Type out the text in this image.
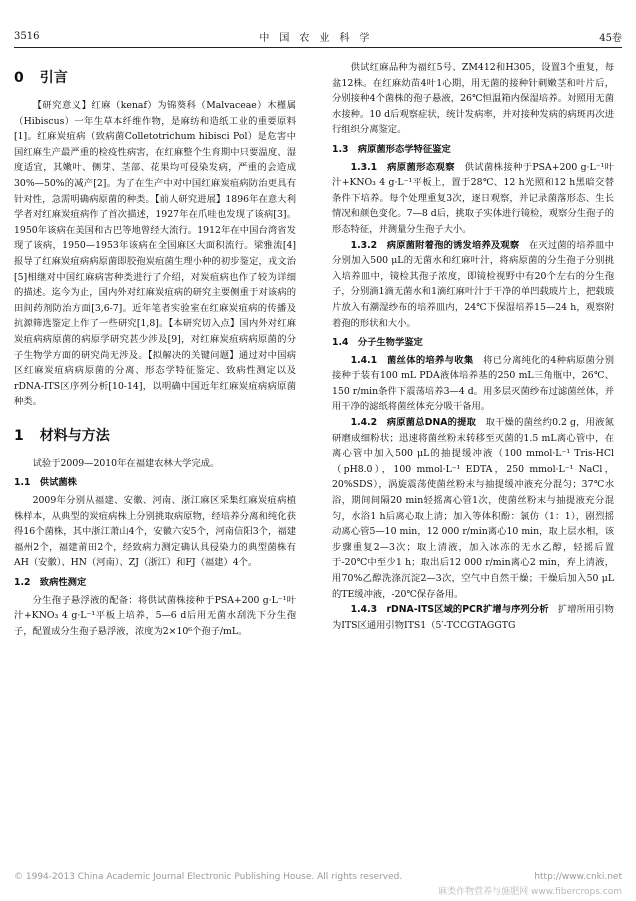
3516	中国农业科学	45卷
0 引言

【研究意义】红麻（kenaf）为锦葵科（Malvaceae）木槿属（Hibiscus）一年生草本纤维作物，是麻纺和造纸工业的重要原料[1]。红麻炭疽病（致病菌Colletotrichum hibisci Pol）是危害中国红麻生产最严重的检疫性病害，在红麻整个生育期中只要温度、湿度适宜，其嫩叶、侧芽、茎部、花果均可侵染发病，严重的会造成30%—50%的减产[2]。为了在生产中对中国红麻炭疽病防治更具有针对性，急需明确病原菌的种类。【前人研究进展】1896年在意大利学者对红麻炭疽病作了首次描述，1927年在爪哇也发现了该病[3]。1950年该病在美国和古巴等地曾经大流行。1912年在中国台湾省发现了该病，1950—1953年该病在全国麻区大面积流行。梁雅流[4]报导了红麻炭疽病病原菌即胶孢炭疽菌生理小种的初步鉴定，戎文治[5]相继对中国红麻病害种类进行了介绍，对炭疽病也作了较为详细的描述。迄今为止，国内外对红麻炭疽病的研究主要侧重于对该病的田间药剂防治方面[3,6-7]。近年笔者实验室在红麻炭疽病的传播及抗源筛选鉴定上作了一些研究[1,8]。【本研究切入点】国内外对红麻炭疽病病原菌的病原学研究甚少涉及[9]，对红麻炭疽病病原菌的分子生物学方面的研究尚无涉及。【拟解决的关键问题】通过对中国病区红麻炭疽病病原菌的分离、形态学特征鉴定、致病性测定以及rDNA-ITS区序列分析[10-14]，以明确中国近年红麻炭疽病病原菌种类。

1 材料与方法

试验于2009—2010年在福建农林大学完成。

1.1　供试菌株

2009年分别从福建、安徽、河南、浙江麻区采集红麻炭疽病植株样本，从典型的炭疽病株上分别挑取病原物，经培养分离和纯化获得16个菌株，其中浙江萧山4个，安徽六安5个，河南信阳3个，福建福州2个，福建莆田2个，经致病力测定确认具侵染力的典型菌株有AH（安徽）、HN（河南）、ZJ（浙江）和FJ（福建）4个。

1.2　致病性测定

分生孢子悬浮液的配备：将供试菌株接种于PSA+200 g·L⁻¹叶汁+KNO₃ 4 g·L⁻¹平板上培养，5—6 d后用无菌水刮洗下分生孢子，配置成分生孢子悬浮液，浓度为2×10⁶个孢子/mL。

供试红麻品种为福红5号、ZM412和H305，设置3个重复，每盆12株。在红麻幼苗4叶1心期，用无菌的接种针刺嫩茎和叶片后，分别接种4个菌株的孢子悬液，26℃恒温箱内保湿培养。対照用无菌水接种。10 d后观察症状，统计发病率，并对接种发病的病斑再次进行组织分离鉴定。

1.3　病原菌形态学特征鉴定

1.3.1　病原菌形态观察　 供试菌株接种于PSA+200 g·L⁻¹叶汁+KNO₃ 4 g·L⁻¹平板上，置于28℃、12 h光照和12 h黑暗交替条件下培养。每个处理重复3次，逐日观察，并记录菌落形态、生长情况和颜色变化。7—8 d后，挑取子实体进行镜检，观察分生孢子的形态特征，并测量分生孢子大小。

1.3.2　病原菌附着孢的诱发培养及观察　 在灭过菌的培养皿中分别加入500 μL的无菌水和红麻叶汁，将病原菌的分生孢子分别挑入培养皿中，镜检其孢子浓度，即镜检视野中有20个左右的分生孢子，分别滴1滴无菌水和1滴红麻叶汁于干净的单凹载玻片上，把载玻片放入有潮湿纱布的培养皿内，24℃下保湿培养15—24 h，观察附着孢的形状和大小。

1.4　分子生物学鉴定

1.4.1　菌丝体的培养与收集　 将已分离纯化的4种病原菌分别接种于装有100 mL PDA液体培养基的250 mL三角瓶中，26℃、150 r/min条件下震荡培养3—4 d。用多层灭菌纱布过滤菌丝体，并用干净的滤纸将菌丝体充分吸干备用。

1.4.2　病原菌总DNA的提取　 取干燥的菌丝约0.2 g，用液氮研磨成细粉状；迅速将菌丝粉末转移至灭菌的1.5 mL离心管中，在离心管中加入500 μL的抽提缓冲液（100 mmol·L⁻¹ Tris-HCl（pH8.0），100 mmol·L⁻¹ EDTA，250 mmol·L⁻¹ NaCl，20%SDS），涡旋震荡使菌丝粉末与抽提缓冲液充分混匀；37℃水浴，期间间隔20 min轻摇离心管1次，使菌丝粉末与抽提液充分混匀，水浴1 h后离心取上清；加入等体积酚：氯仿（1：1），剧烈摇动离心管5—10 min，12 000 r/min离心10 min，取上层水相，该步骤重复2—3次；取上清液，加入冰冻的无水乙醇，轻摇后置于-20℃中至少1 h；取出后12 000 r/min离心2 min，弃上清液，用70%乙醇洗涤沉淀2—3次，空气中自然干燥；干燥后加入50 μL的TE缓冲液，-20℃保存备用。

1.4.3　rDNA-ITS区域的PCR扩增与序列分析　 扩增所用引物为ITS区通用引物ITS1（5′-TCCGTAGGTG

© 1994-2013 China Academic Journal Electronic Publishing House. All rights reserved.	http://www.cnki.net
麻类作物营养与施肥网 www.fibercrops.com
